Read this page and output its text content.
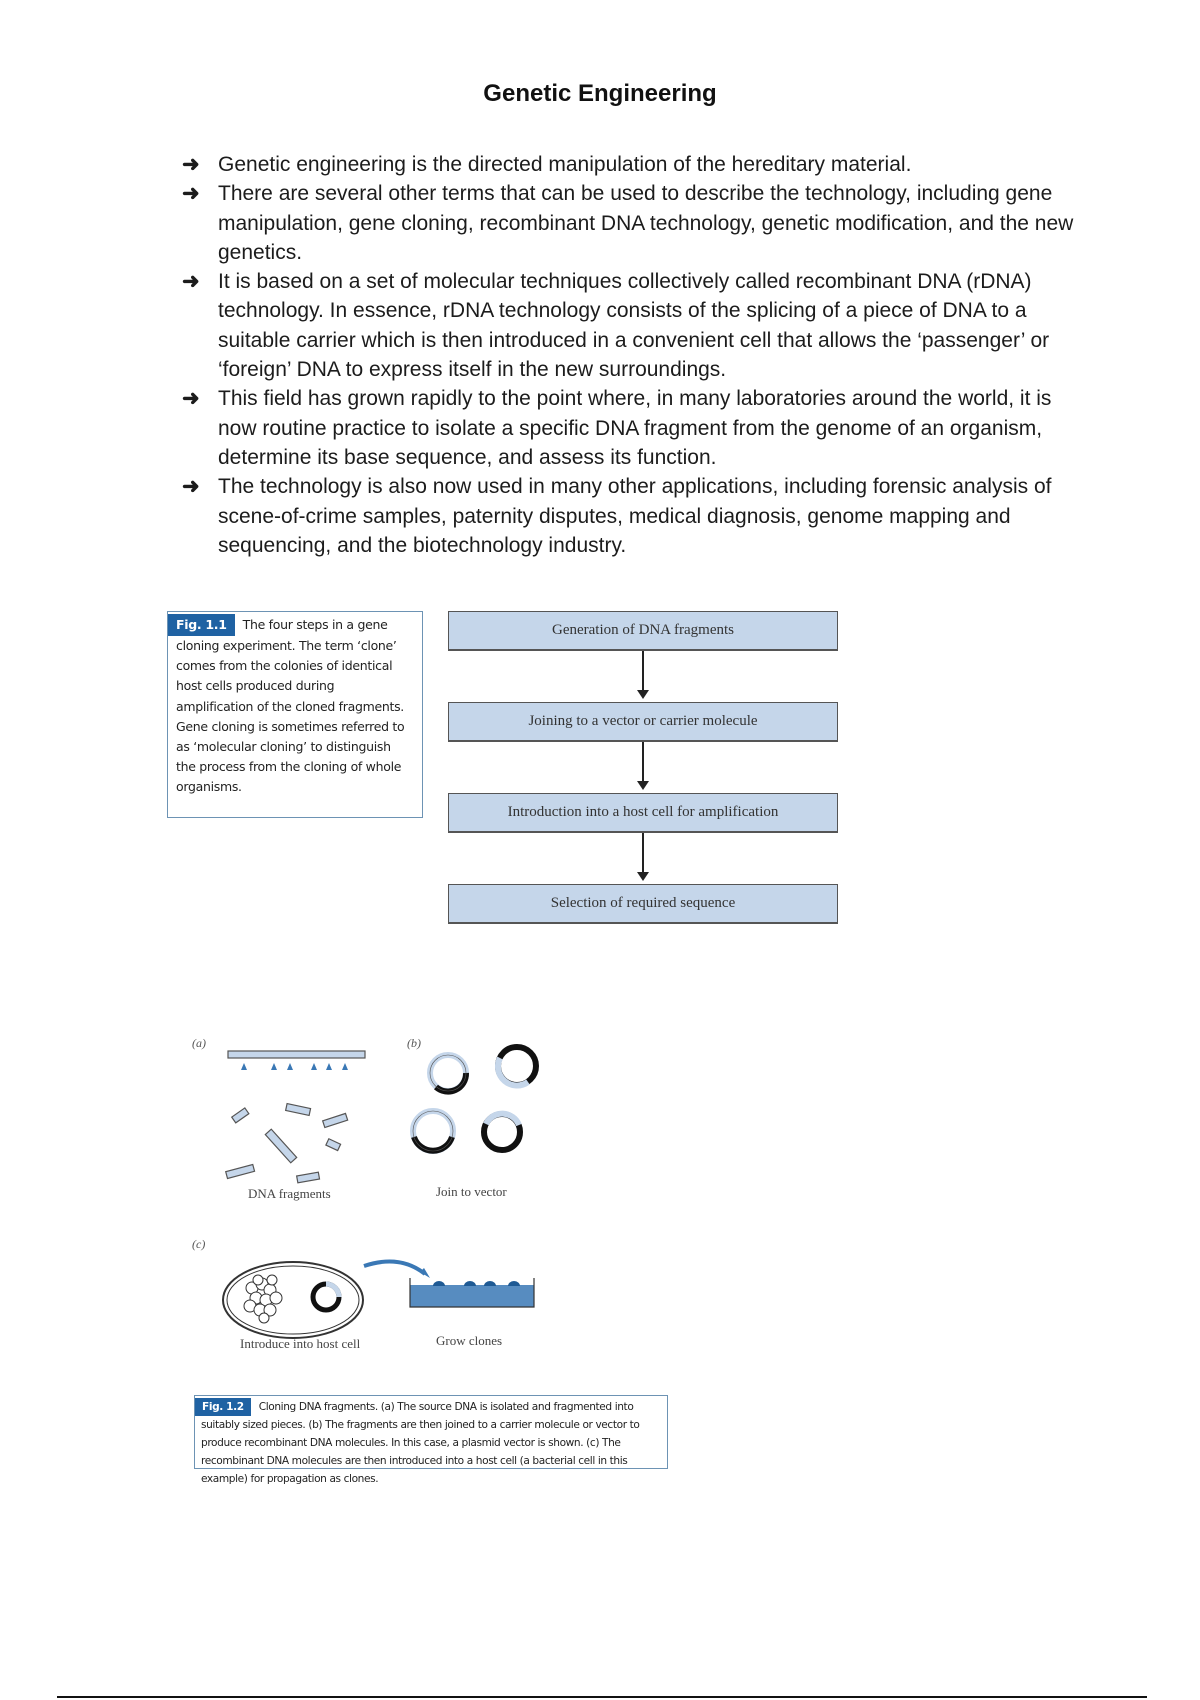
Genetic Engineering
➜ Genetic engineering is the directed manipulation of the hereditary material.
➜ There are several other terms that can be used to describe the technology, including gene manipulation, gene cloning, recombinant DNA technology, genetic modification, and the new genetics.
➜ It is based on a set of molecular techniques collectively called recombinant DNA (rDNA) technology. In essence, rDNA technology consists of the splicing of a piece of DNA to a suitable carrier which is then introduced in a convenient cell that allows the ‘passenger’ or ‘foreign’ DNA to express itself in the new surroundings.
➜ This field has grown rapidly to the point where, in many laboratories around the world, it is now routine practice to isolate a specific DNA fragment from the genome of an organism, determine its base sequence, and assess its function.
➜ The technology is also now used in many other applications, including forensic analysis of scene-of-crime samples, paternity disputes, medical diagnosis, genome mapping and sequencing, and the biotechnology industry.
Fig. 1.1 The four steps in a gene cloning experiment. The term ‘clone’ comes from the colonies of identical host cells produced during amplification of the cloned fragments. Gene cloning is sometimes referred to as ‘molecular cloning’ to distinguish the process from the cloning of whole organisms.
Generation of DNA fragments
Joining to a vector or carrier molecule
Introduction into a host cell for amplification
Selection of required sequence
(a)	(b)
(c)
DNA fragments	Join to vector
Introduce into host cell	Grow clones
Fig. 1.2 Cloning DNA fragments. (a) The source DNA is isolated and fragmented into suitably sized pieces. (b) The fragments are then joined to a carrier molecule or vector to produce recombinant DNA molecules. In this case, a plasmid vector is shown. (c) The recombinant DNA molecules are then introduced into a host cell (a bacterial cell in this example) for propagation as clones.
